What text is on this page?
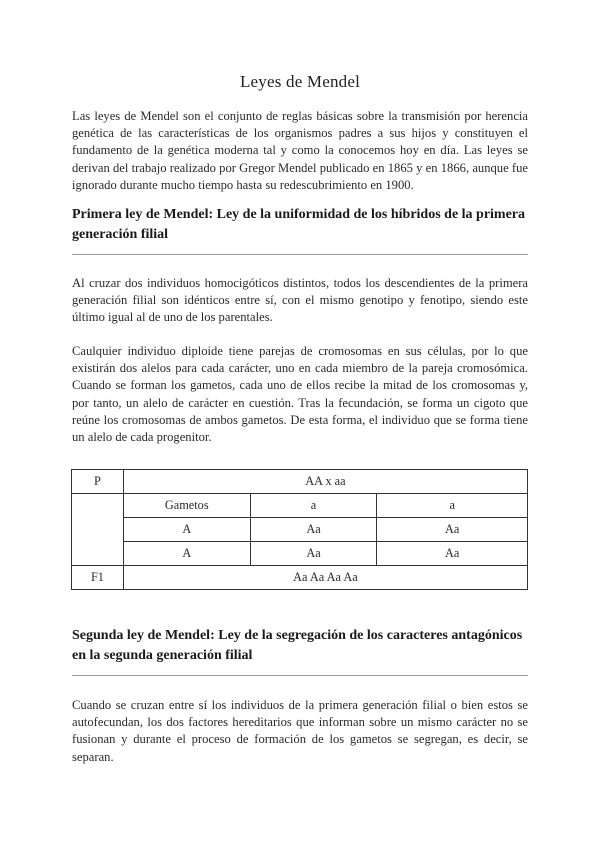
Leyes de Mendel

Las leyes de Mendel son el conjunto de reglas básicas sobre la transmisión por herencia genética de las características de los organismos padres a sus hijos y constituyen el fundamento de la genética moderna tal y como la conocemos hoy en día. Las leyes se derivan del trabajo realizado por Gregor Mendel publicado en 1865 y en 1866, aunque fue ignorado durante mucho tiempo hasta su redescubrimiento en 1900.

Primera ley de Mendel: Ley de la uniformidad de los híbridos de la primera generación filial

Al cruzar dos individuos homocigóticos distintos, todos los descendientes de la primera generación filial son idénticos entre sí, con el mismo genotipo y fenotipo, siendo este último igual al de uno de los parentales.

Caulquier individuo diploide tiene parejas de cromosomas en sus células, por lo que existirán dos alelos para cada carácter, uno en cada miembro de la pareja cromosómica. Cuando se forman los gametos, cada uno de ellos recibe la mitad de los cromosomas y, por tanto, un alelo de carácter en cuestión. Tras la fecundación, se forma un cigoto que reúne los cromosomas de ambos gametos. De esta forma, el individuo que se forma tiene un alelo de cada progenitor.

P	AA x aa		
	Gametos	a	a
	A	Aa	Aa
	A	Aa	Aa
F1	Aa Aa Aa Aa		
Segunda ley de Mendel: Ley de la segregación de los caracteres antagónicos en la segunda generación filial

Cuando se cruzan entre sí los individuos de la primera generación filial o bien estos se autofecundan, los dos factores hereditarios que informan sobre un mismo carácter no se fusionan y durante el proceso de formación de los gametos se segregan, es decir, se separan.
